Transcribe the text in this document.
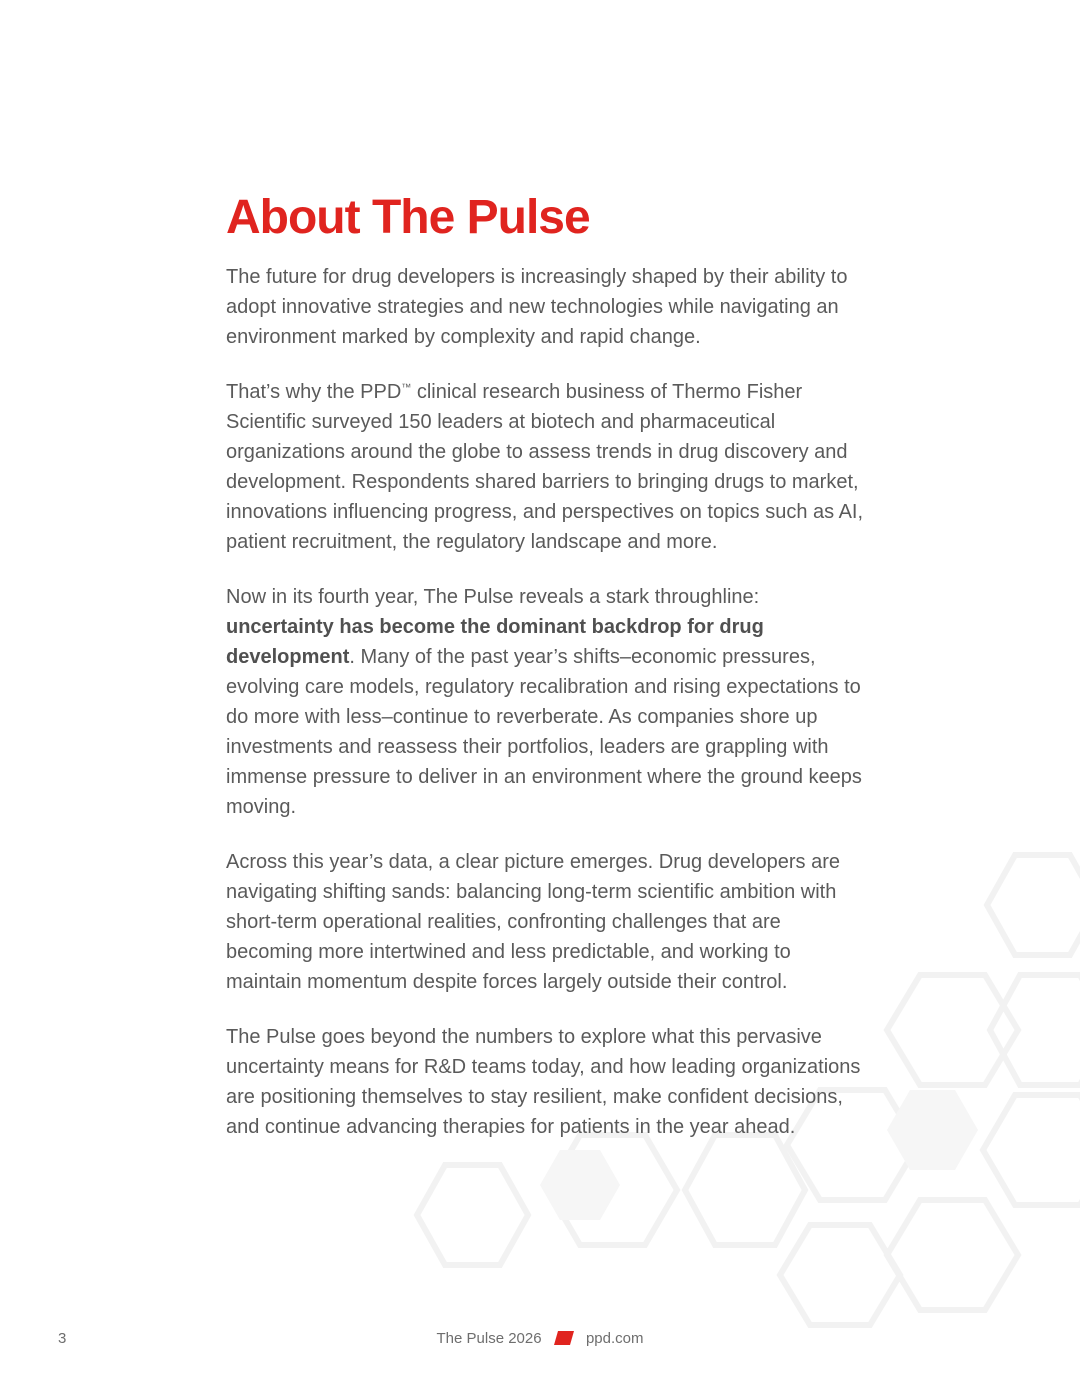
About The Pulse

The future for drug developers is increasingly shaped by their ability to adopt innovative strategies and new technologies while navigating an environment marked by complexity and rapid change.

That’s why the PPD™ clinical research business of Thermo Fisher Scientific surveyed 150 leaders at biotech and pharmaceutical organizations around the globe to assess trends in drug discovery and development. Respondents shared barriers to bringing drugs to market, innovations influencing progress, and perspectives on topics such as AI, patient recruitment, the regulatory landscape and more.

Now in its fourth year, The Pulse reveals a stark throughline: uncertainty has become the dominant backdrop for drug development. Many of the past year’s shifts–economic pressures, evolving care models, regulatory recalibration and rising expectations to do more with less–continue to reverberate. As companies shore up investments and reassess their portfolios, leaders are grappling with immense pressure to deliver in an environment where the ground keeps moving.

Across this year’s data, a clear picture emerges. Drug developers are navigating shifting sands: balancing long-term scientific ambition with short-term operational realities, confronting challenges that are becoming more intertwined and less predictable, and working to maintain momentum despite forces largely outside their control.

The Pulse goes beyond the numbers to explore what this pervasive uncertainty means for R&D teams today, and how leading organizations are positioning themselves to stay resilient, make confident decisions, and continue advancing therapies for patients in the year ahead.

3	The Pulse 2026	ppd.com
